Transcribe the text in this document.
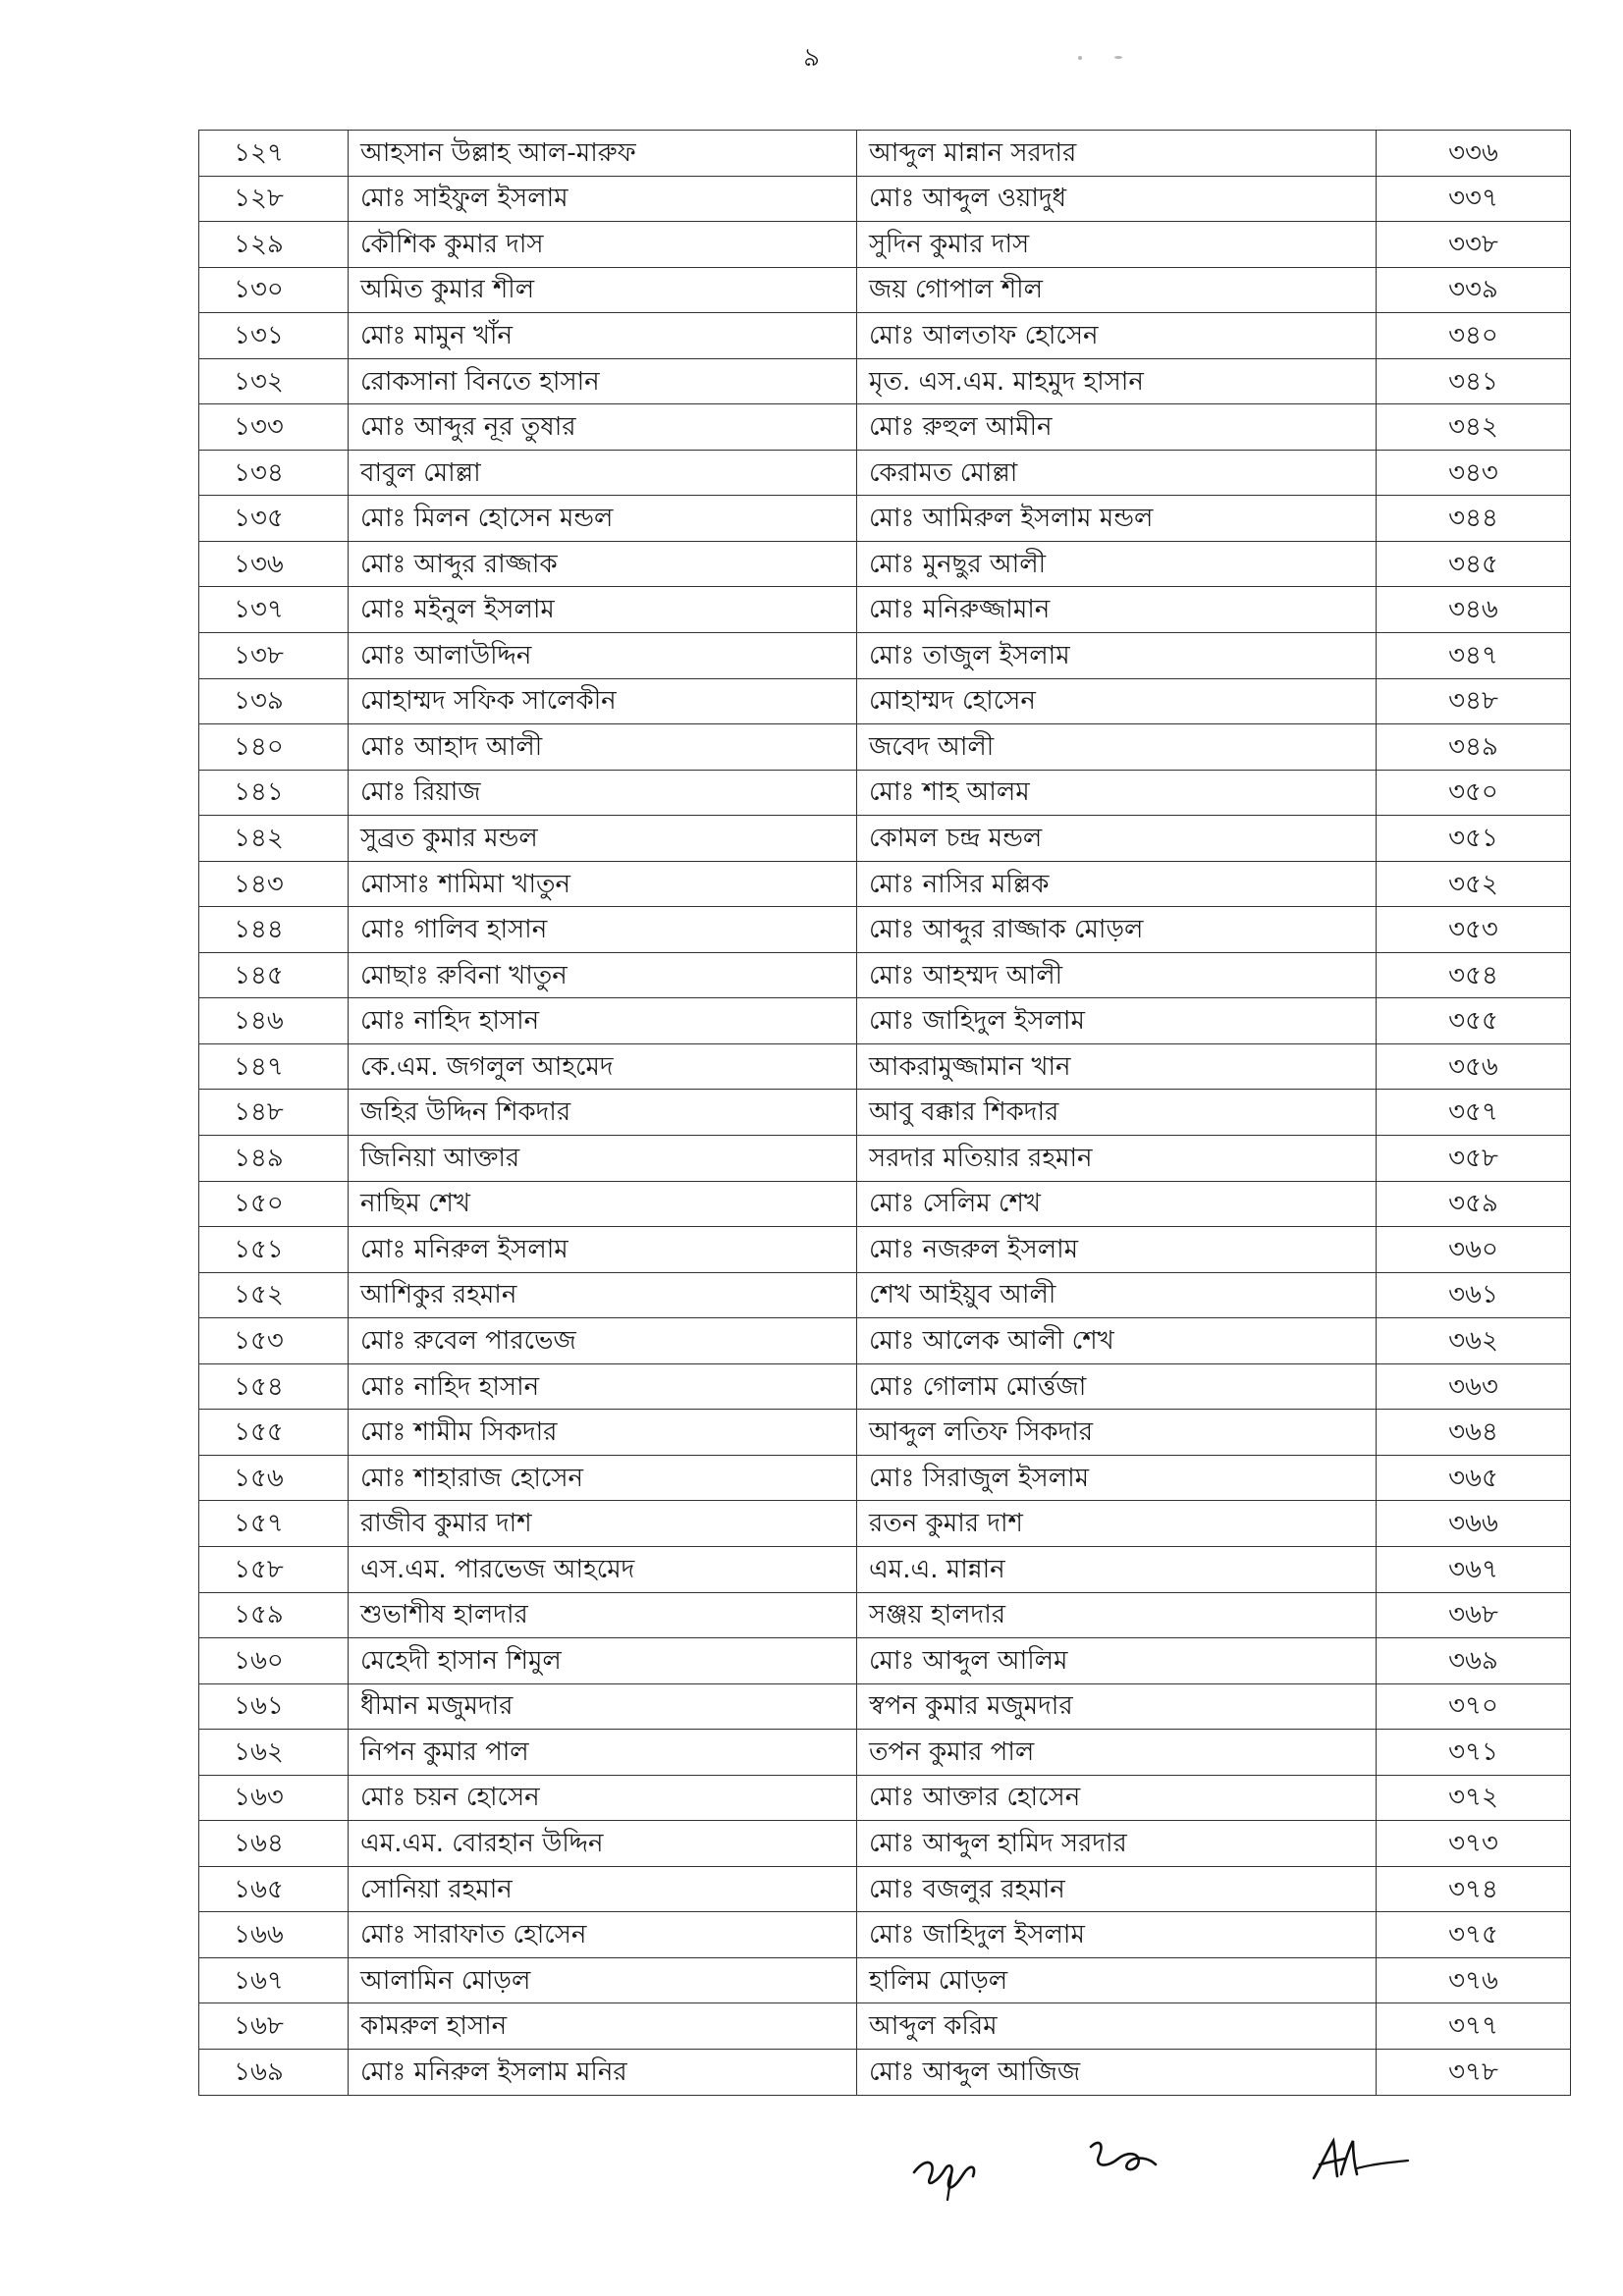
৯
১২৭	আহসান উল্লাহ আল-মারুফ	আব্দুল মান্নান সরদার	৩৩৬
১২৮	মোঃ সাইফুল ইসলাম	মোঃ আব্দুল ওয়াদুধ	৩৩৭
১২৯	কৌশিক কুমার দাস	সুদিন কুমার দাস	৩৩৮
১৩০	অমিত কুমার শীল	জয় গোপাল শীল	৩৩৯
১৩১	মোঃ মামুন খাঁন	মোঃ আলতাফ হোসেন	৩৪০
১৩২	রোকসানা বিনতে হাসান	মৃত. এস.এম. মাহমুদ হাসান	৩৪১
১৩৩	মোঃ আব্দুর নূর তুষার	মোঃ রুহুল আমীন	৩৪২
১৩৪	বাবুল মোল্লা	কেরামত মোল্লা	৩৪৩
১৩৫	মোঃ মিলন হোসেন মন্ডল	মোঃ আমিরুল ইসলাম মন্ডল	৩৪৪
১৩৬	মোঃ আব্দুর রাজ্জাক	মোঃ মুনছুর আলী	৩৪৫
১৩৭	মোঃ মইনুল ইসলাম	মোঃ মনিরুজ্জামান	৩৪৬
১৩৮	মোঃ আলাউদ্দিন	মোঃ তাজুল ইসলাম	৩৪৭
১৩৯	মোহাম্মদ সফিক সালেকীন	মোহাম্মদ হোসেন	৩৪৮
১৪০	মোঃ আহাদ আলী	জবেদ আলী	৩৪৯
১৪১	মোঃ রিয়াজ	মোঃ শাহ আলম	৩৫০
১৪২	সুব্রত কুমার মন্ডল	কোমল চন্দ্র মন্ডল	৩৫১
১৪৩	মোসাঃ শামিমা খাতুন	মোঃ নাসির মল্লিক	৩৫২
১৪৪	মোঃ গালিব হাসান	মোঃ আব্দুর রাজ্জাক মোড়ল	৩৫৩
১৪৫	মোছাঃ রুবিনা খাতুন	মোঃ আহম্মদ আলী	৩৫৪
১৪৬	মোঃ নাহিদ হাসান	মোঃ জাহিদুল ইসলাম	৩৫৫
১৪৭	কে.এম. জগলুল আহমেদ	আকরামুজ্জামান খান	৩৫৬
১৪৮	জহির উদ্দিন শিকদার	আবু বক্কার শিকদার	৩৫৭
১৪৯	জিনিয়া আক্তার	সরদার মতিয়ার রহমান	৩৫৮
১৫০	নাছিম শেখ	মোঃ সেলিম শেখ	৩৫৯
১৫১	মোঃ মনিরুল ইসলাম	মোঃ নজরুল ইসলাম	৩৬০
১৫২	আশিকুর রহমান	শেখ আইয়ুব আলী	৩৬১
১৫৩	মোঃ রুবেল পারভেজ	মোঃ আলেক আলী শেখ	৩৬২
১৫৪	মোঃ নাহিদ হাসান	মোঃ গোলাম মোর্ত্তজা	৩৬৩
১৫৫	মোঃ শামীম সিকদার	আব্দুল লতিফ সিকদার	৩৬৪
১৫৬	মোঃ শাহারাজ হোসেন	মোঃ সিরাজুল ইসলাম	৩৬৫
১৫৭	রাজীব কুমার দাশ	রতন কুমার দাশ	৩৬৬
১৫৮	এস.এম. পারভেজ আহমেদ	এম.এ. মান্নান	৩৬৭
১৫৯	শুভাশীষ হালদার	সঞ্জয় হালদার	৩৬৮
১৬০	মেহেদী হাসান শিমুল	মোঃ আব্দুল আলিম	৩৬৯
১৬১	ধীমান মজুমদার	স্বপন কুমার মজুমদার	৩৭০
১৬২	নিপন কুমার পাল	তপন কুমার পাল	৩৭১
১৬৩	মোঃ চয়ন হোসেন	মোঃ আক্তার হোসেন	৩৭২
১৬৪	এম.এম. বোরহান উদ্দিন	মোঃ আব্দুল হামিদ সরদার	৩৭৩
১৬৫	সোনিয়া রহমান	মোঃ বজলুর রহমান	৩৭৪
১৬৬	মোঃ সারাফাত হোসেন	মোঃ জাহিদুল ইসলাম	৩৭৫
১৬৭	আলামিন মোড়ল	হালিম মোড়ল	৩৭৬
১৬৮	কামরুল হাসান	আব্দুল করিম	৩৭৭
১৬৯	মোঃ মনিরুল ইসলাম মনির	মোঃ আব্দুল আজিজ	৩৭৮
